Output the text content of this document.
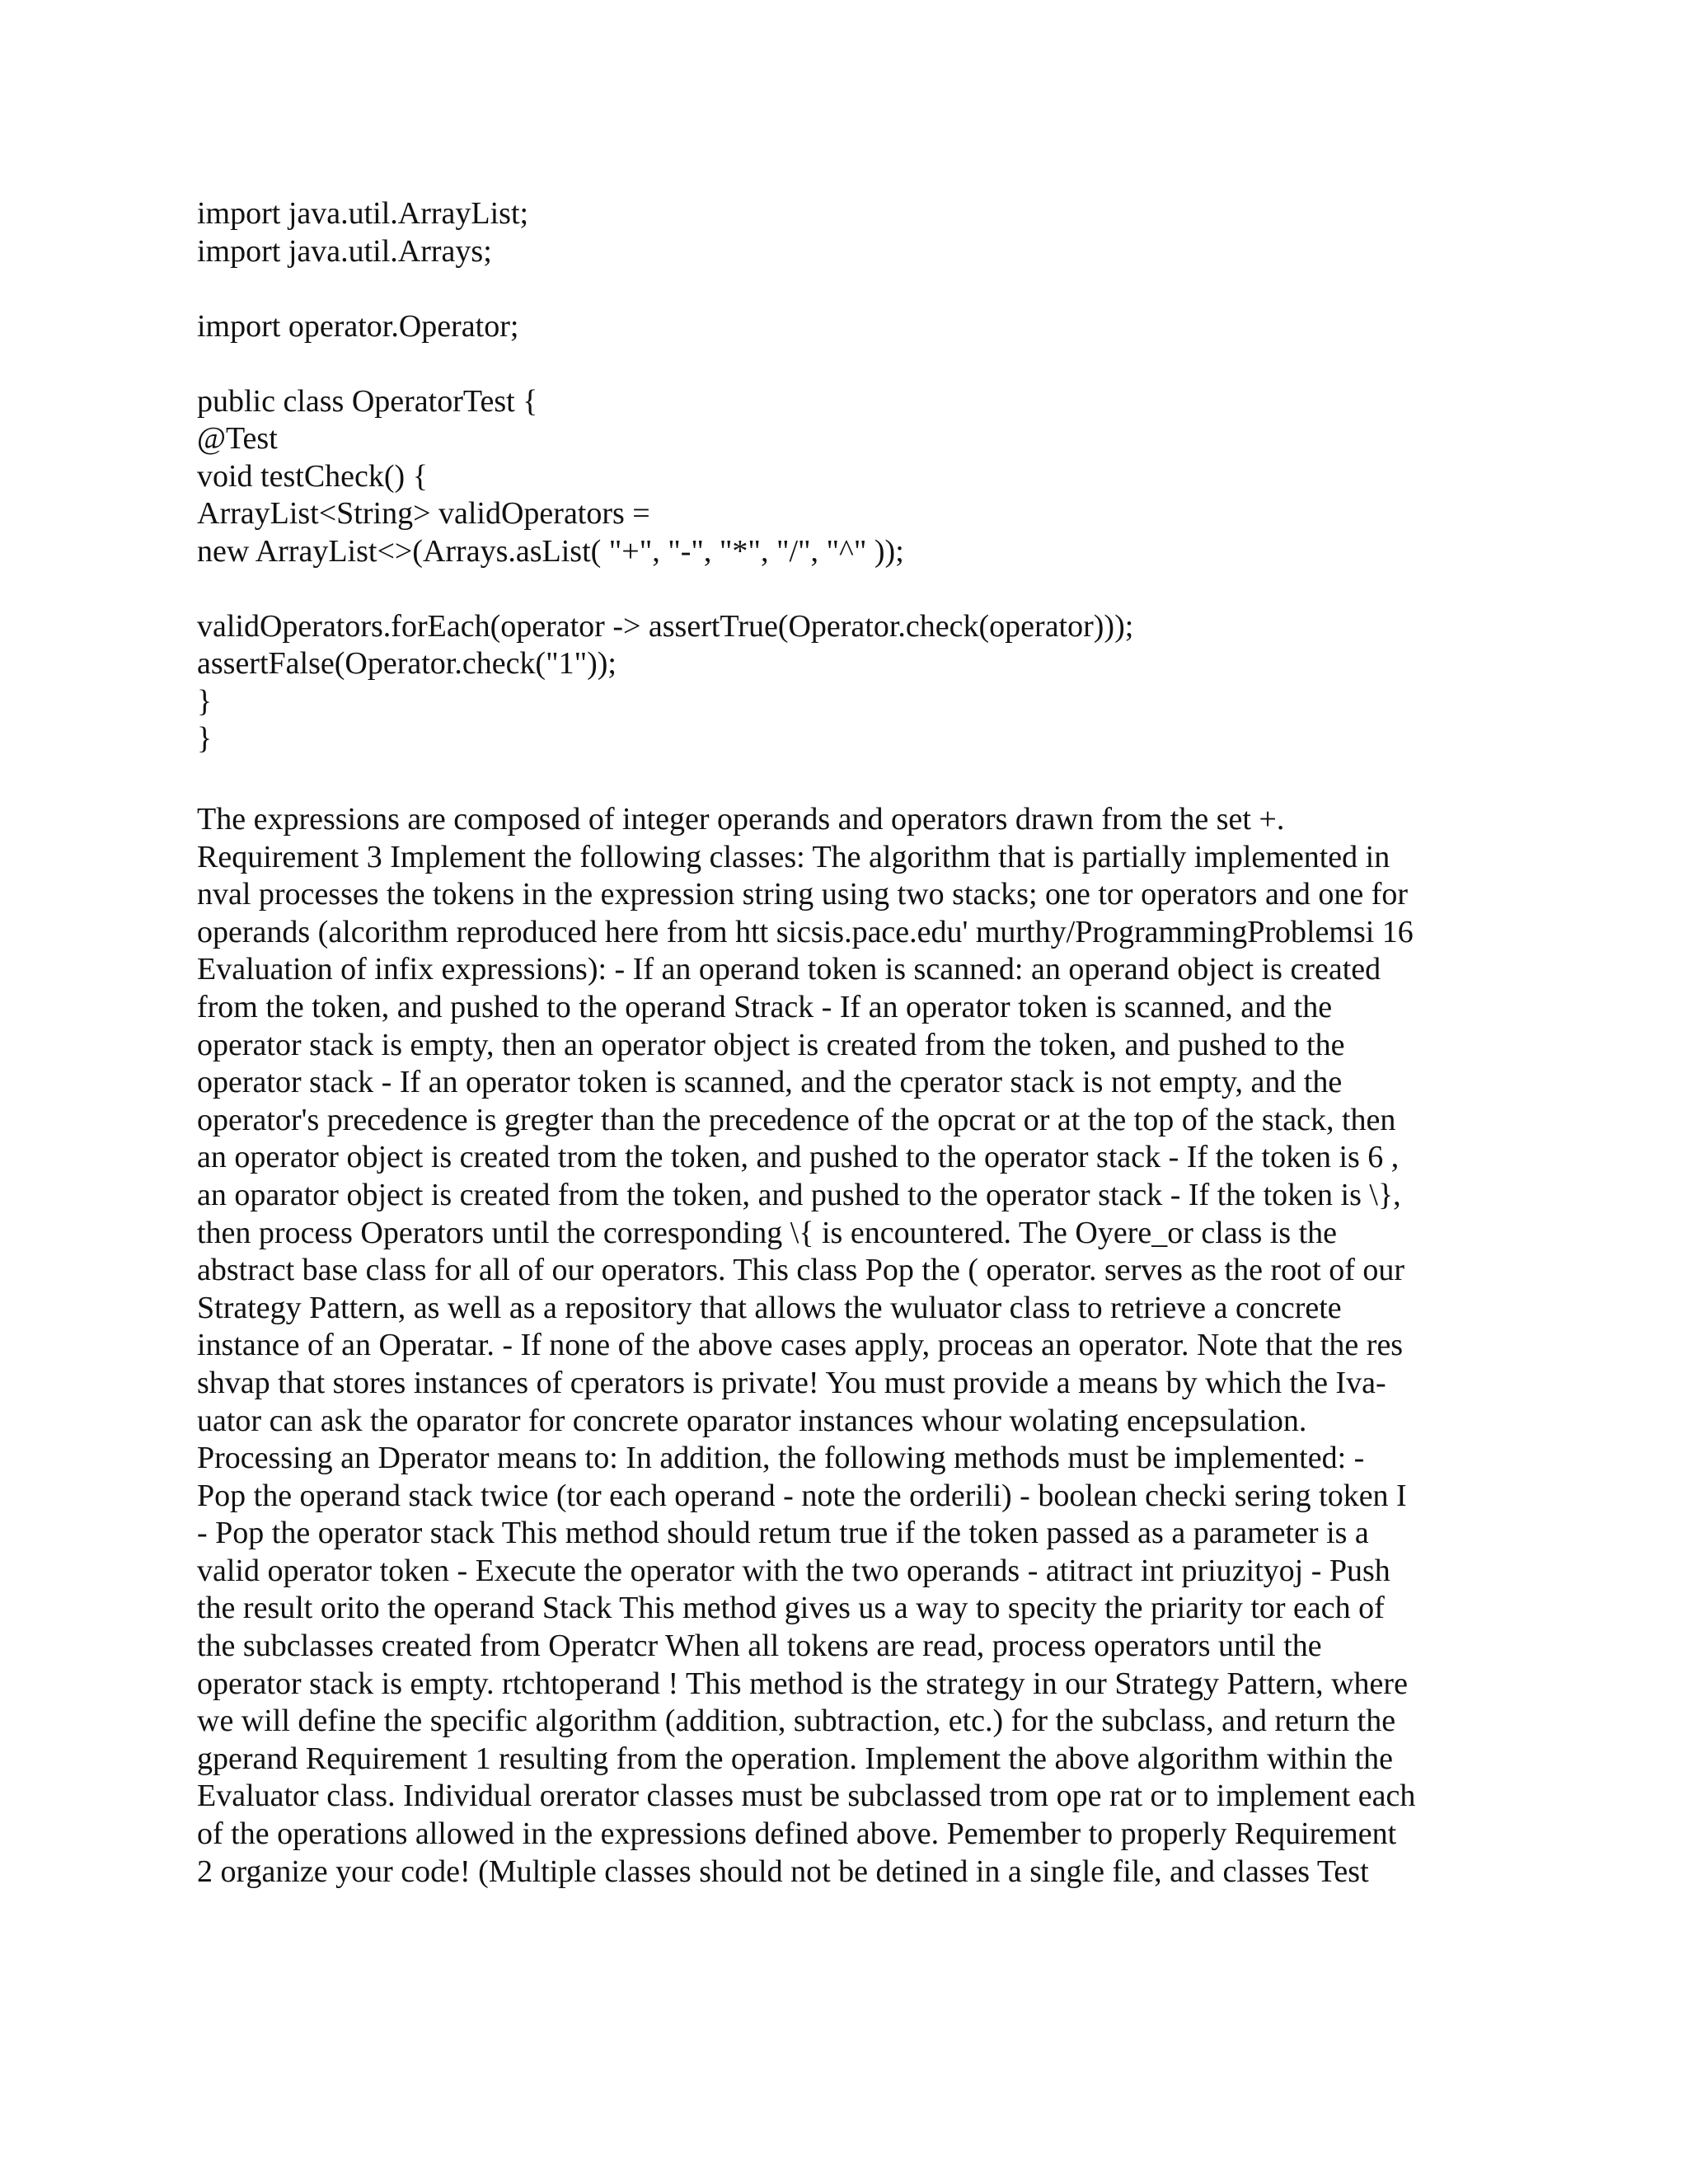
import java.util.ArrayList;
import java.util.Arrays;
import operator.Operator;
public class OperatorTest {
@Test
void testCheck() {
ArrayList<String> validOperators =
new ArrayList<>(Arrays.asList( "+", "-", "*", "/", "^" ));
validOperators.forEach(operator -> assertTrue(Operator.check(operator)));
assertFalse(Operator.check("1"));
}
}
The expressions are composed of integer operands and operators drawn from the set +.
Requirement 3 Implement the following classes: The algorithm that is partially implemented in
nval processes the tokens in the expression string using two stacks; one tor operators and one for
operands (alcorithm reproduced here from htt sicsis.pace.edu' murthy/ProgrammingProblemsi 16
Evaluation of infix expressions): - If an operand token is scanned: an operand object is created
from the token, and pushed to the operand Strack - If an operator token is scanned, and the
operator stack is empty, then an operator object is created from the token, and pushed to the
operator stack - If an operator token is scanned, and the cperator stack is not empty, and the
operator's precedence is gregter than the precedence of the opcrat or at the top of the stack, then
an operator object is created trom the token, and pushed to the operator stack - If the token is 6 ,
an oparator object is created from the token, and pushed to the operator stack - If the token is \},
then process Operators until the corresponding \{ is encountered. The Oyere_or class is the
abstract base class for all of our operators. This class Pop the ( operator. serves as the root of our
Strategy Pattern, as well as a repository that allows the wuluator class to retrieve a concrete
instance of an Operatar. - If none of the above cases apply, proceas an operator. Note that the res
shvap that stores instances of cperators is private! You must provide a means by which the Iva-
uator can ask the oparator for concrete oparator instances whour wolating encepsulation.
Processing an Dperator means to: In addition, the following methods must be implemented: -
Pop the operand stack twice (tor each operand - note the orderili) - boolean checki sering token I
- Pop the operator stack This method should retum true if the token passed as a parameter is a
valid operator token - Execute the operator with the two operands - atitract int priuzityoj - Push
the result orito the operand Stack This method gives us a way to specity the priarity tor each of
the subclasses created from Operatcr When all tokens are read, process operators until the
operator stack is empty. rtchtoperand ! This method is the strategy in our Strategy Pattern, where
we will define the specific algorithm (addition, subtraction, etc.) for the subclass, and return the
gperand Requirement 1 resulting from the operation. Implement the above algorithm within the
Evaluator class. Individual orerator classes must be subclassed trom ope rat or to implement each
of the operations allowed in the expressions defined above. Pemember to properly Requirement
2 organize your code! (Multiple classes should not be detined in a single file, and classes Test
